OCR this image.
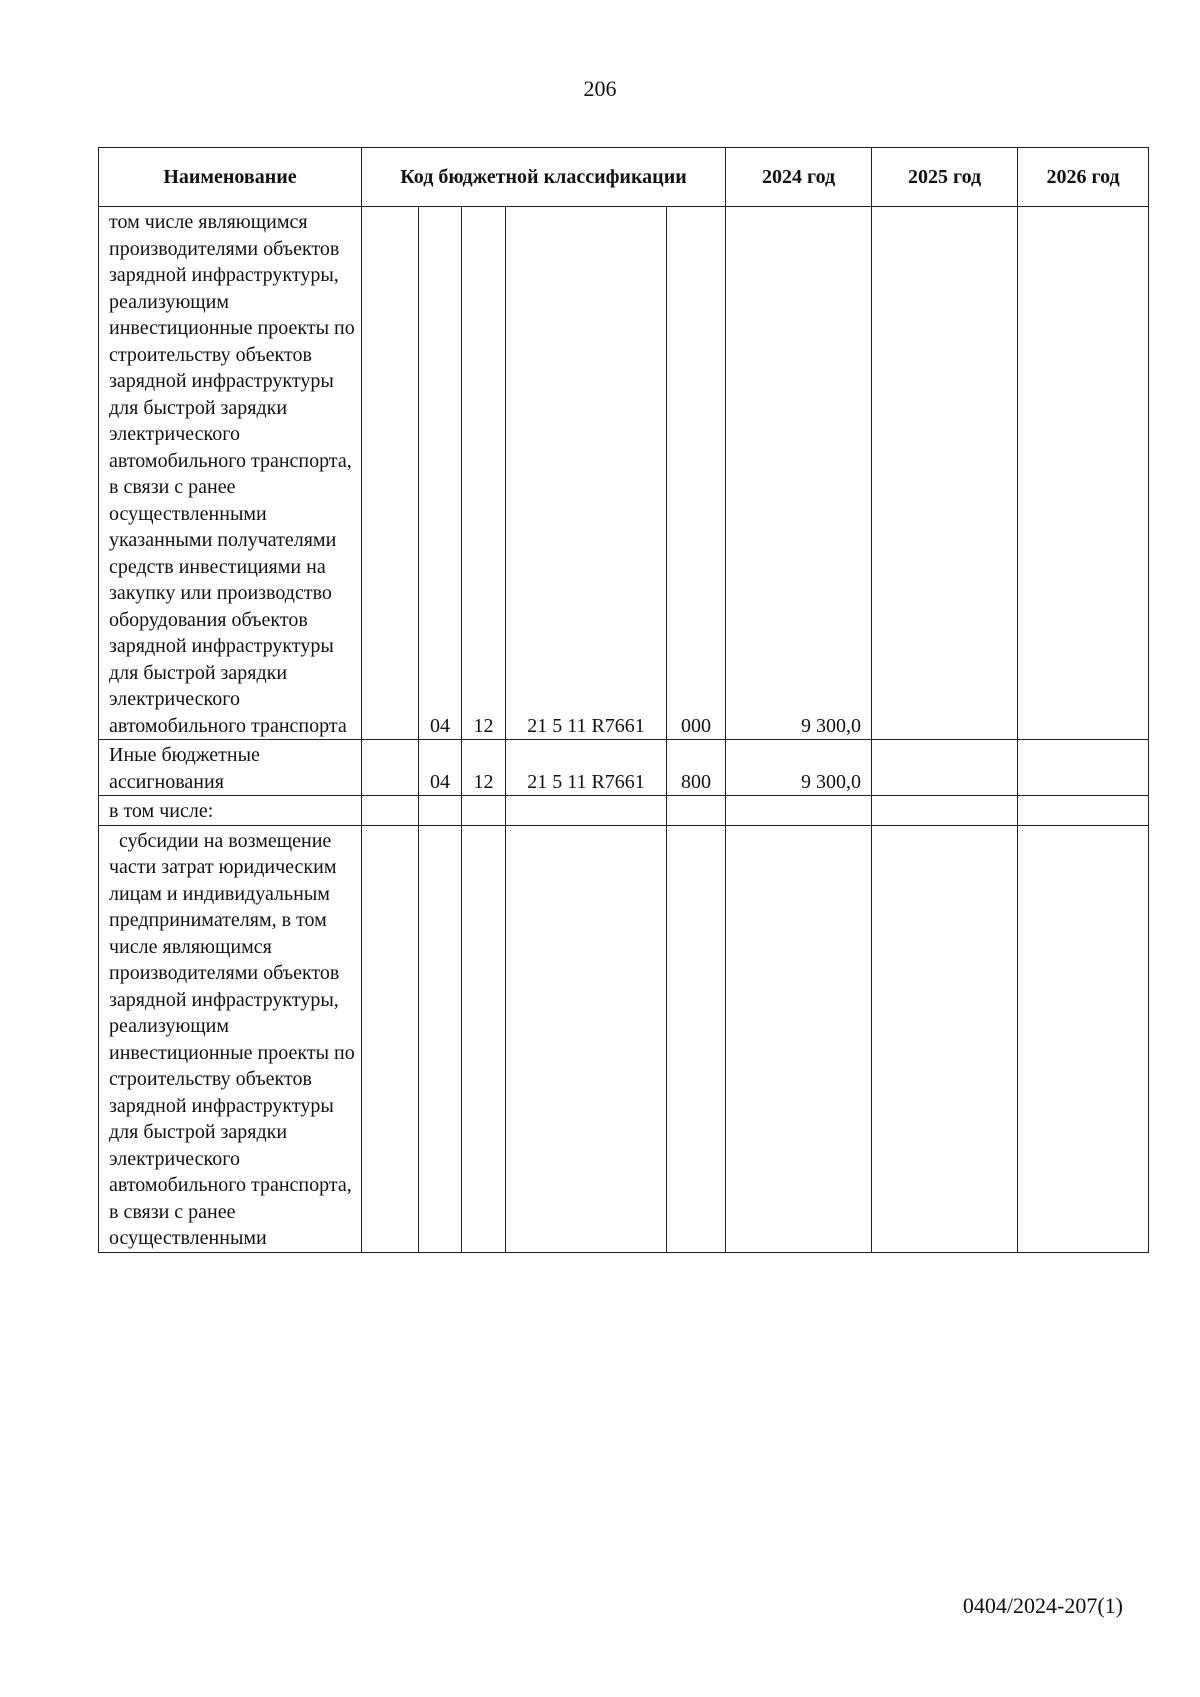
206
Наименование	Код бюджетной классификации					2024 год	2025 год	2026 год
том числе являющимся производителями объектов зарядной инфраструктуры, реализующим инвестиционные проекты по строительству объектов зарядной инфраструктуры для быстрой зарядки электрического автомобильного транспорта, в связи с ранее осуществленными указанными получателями средств инвестициями на закупку или производство оборудования объектов зарядной инфраструктуры для быстрой зарядки электрического автомобильного транспорта		04	12	21 5 11 R7661	000	9 300,0		
Иные бюджетные ассигнования		04	12	21 5 11 R7661	800	9 300,0		
в том числе:								
субсидии на возмещение части затрат юридическим лицам и индивидуальным предпринимателям, в том числе являющимся производителями объектов зарядной инфраструктуры, реализующим инвестиционные проекты по строительству объектов зарядной инфраструктуры для быстрой зарядки электрического автомобильного транспорта, в связи с ранее осуществленными								
0404/2024-207(1)
